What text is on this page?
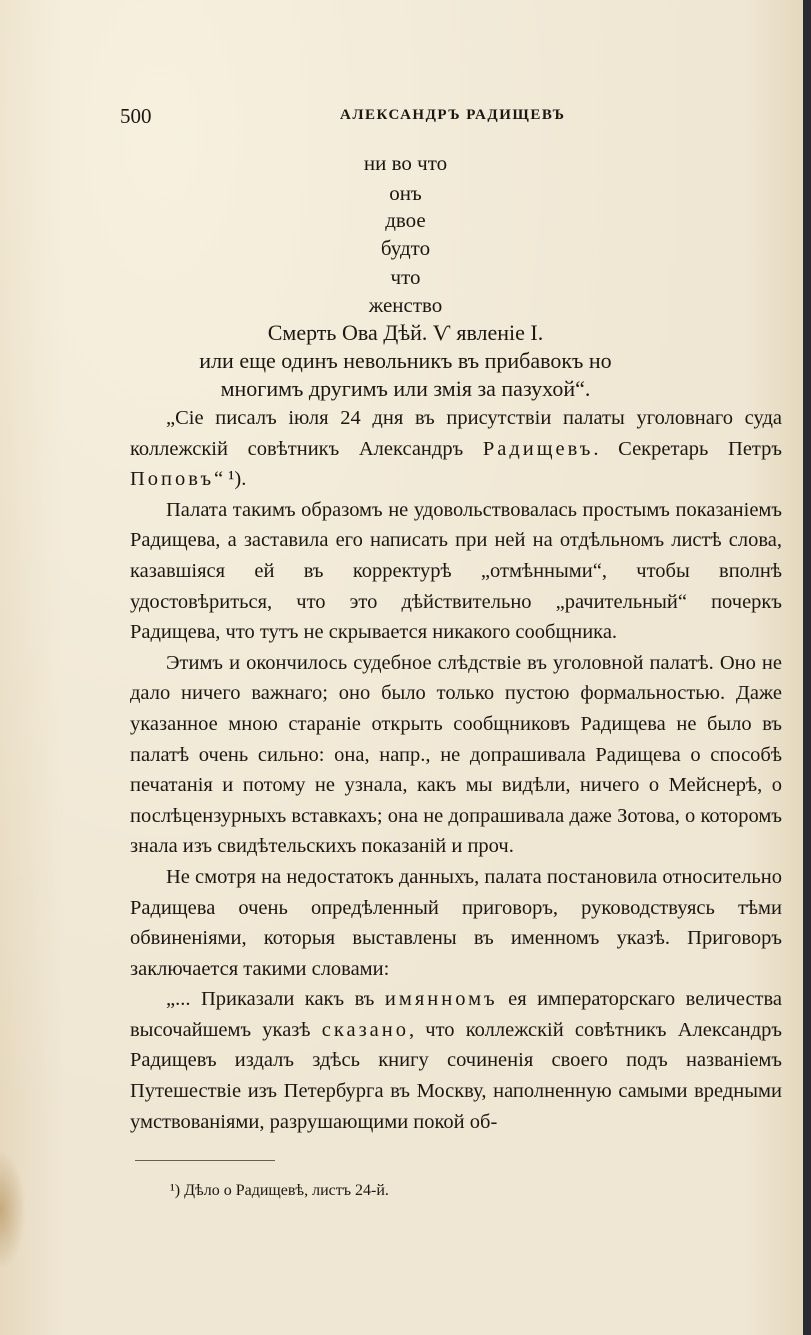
500	АЛЕКСАНДРЪ РАДИЩЕВЪ
ни во что
онъ
двое
будто
что
женство
Смерть Ова Дѣй. Ѵ явленіе I.
или еще одинъ невольникъ въ прибавокъ но
многимъ другимъ или змія за пазухой“.

„Сіе писалъ іюля 24 дня въ присутствіи палаты уголовнаго суда коллежскій совѣтникъ Александръ Радищевъ. Секретарь Петръ Поповъ“ ¹).

Палата такимъ образомъ не удовольствовалась простымъ показаніемъ Радищева, а заставила его написать при ней на отдѣльномъ листѣ слова, казавшіяся ей въ корректурѣ „отмѣнными“, чтобы вполнѣ удостовѣриться, что это дѣйствительно „рачительный“ почеркъ Радищева, что тутъ не скрывается никакого сообщника.

Этимъ и окончилось судебное слѣдствіе въ уголовной палатѣ. Оно не дало ничего важнаго; оно было только пустою формальностью. Даже указанное мною стараніе открыть сообщниковъ Радищева не было въ палатѣ очень сильно: она, напр., не допрашивала Радищева о способѣ печатанія и потому не узнала, какъ мы видѣли, ничего о Мейснерѣ, о послѣцензурныхъ вставкахъ; она не допрашивала даже Зотова, о которомъ знала изъ свидѣтельскихъ показаній и проч.

Не смотря на недостатокъ данныхъ, палата постановила относительно Радищева очень опредѣленный приговоръ, руководствуясь тѣми обвиненіями, которыя выставлены въ именномъ указѣ. Приговоръ заключается такими словами:

„... Приказали какъ въ имянномъ ея императорскаго величества высочайшемъ указѣ сказано, что коллежскій совѣтникъ Александръ Радищевъ издалъ здѣсь книгу сочиненія своего подъ названіемъ Путешествіе изъ Петербурга въ Москву, наполненную самыми вредными умствованіями, разрушающими покой об-

¹) Дѣло о Радищевѣ, листъ 24-й.
